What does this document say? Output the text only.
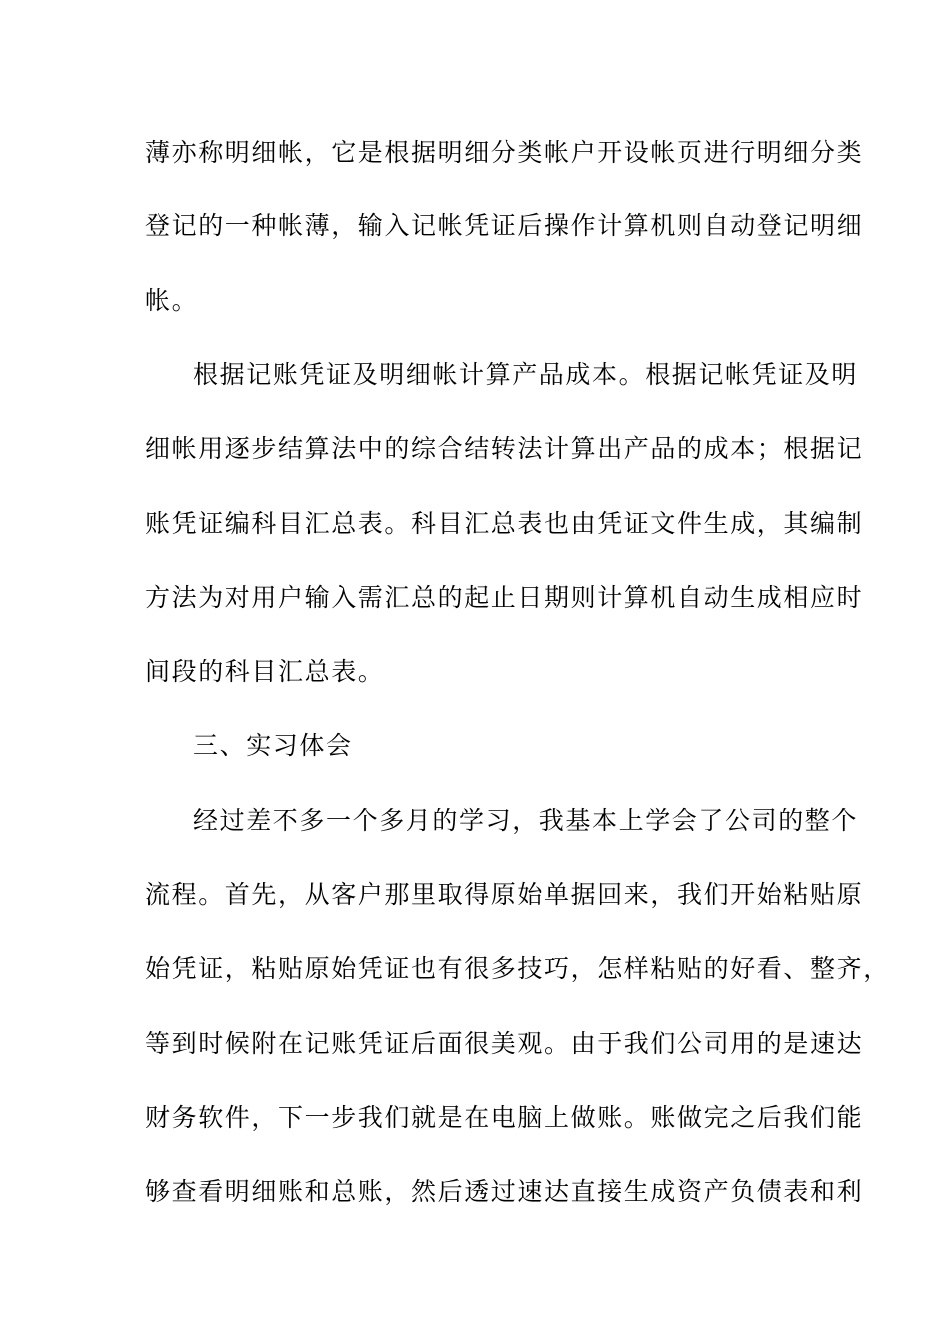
薄亦称明细帐，它是根据明细分类帐户开设帐页进行明细分类
登记的一种帐薄，输入记帐凭证后操作计算机则自动登记明细
帐。
根据记账凭证及明细帐计算产品成本。根据记帐凭证及明
细帐用逐步结算法中的综合结转法计算出产品的成本；根据记
账凭证编科目汇总表。科目汇总表也由凭证文件生成，其编制
方法为对用户输入需汇总的起止日期则计算机自动生成相应时
间段的科目汇总表。
三、实习体会
经过差不多一个多月的学习，我基本上学会了公司的整个
流程。首先，从客户那里取得原始单据回来，我们开始粘贴原
始凭证，粘贴原始凭证也有很多技巧，怎样粘贴的好看、整齐，
等到时候附在记账凭证后面很美观。由于我们公司用的是速达
财务软件，下一步我们就是在电脑上做账。账做完之后我们能
够查看明细账和总账，然后透过速达直接生成资产负债表和利
